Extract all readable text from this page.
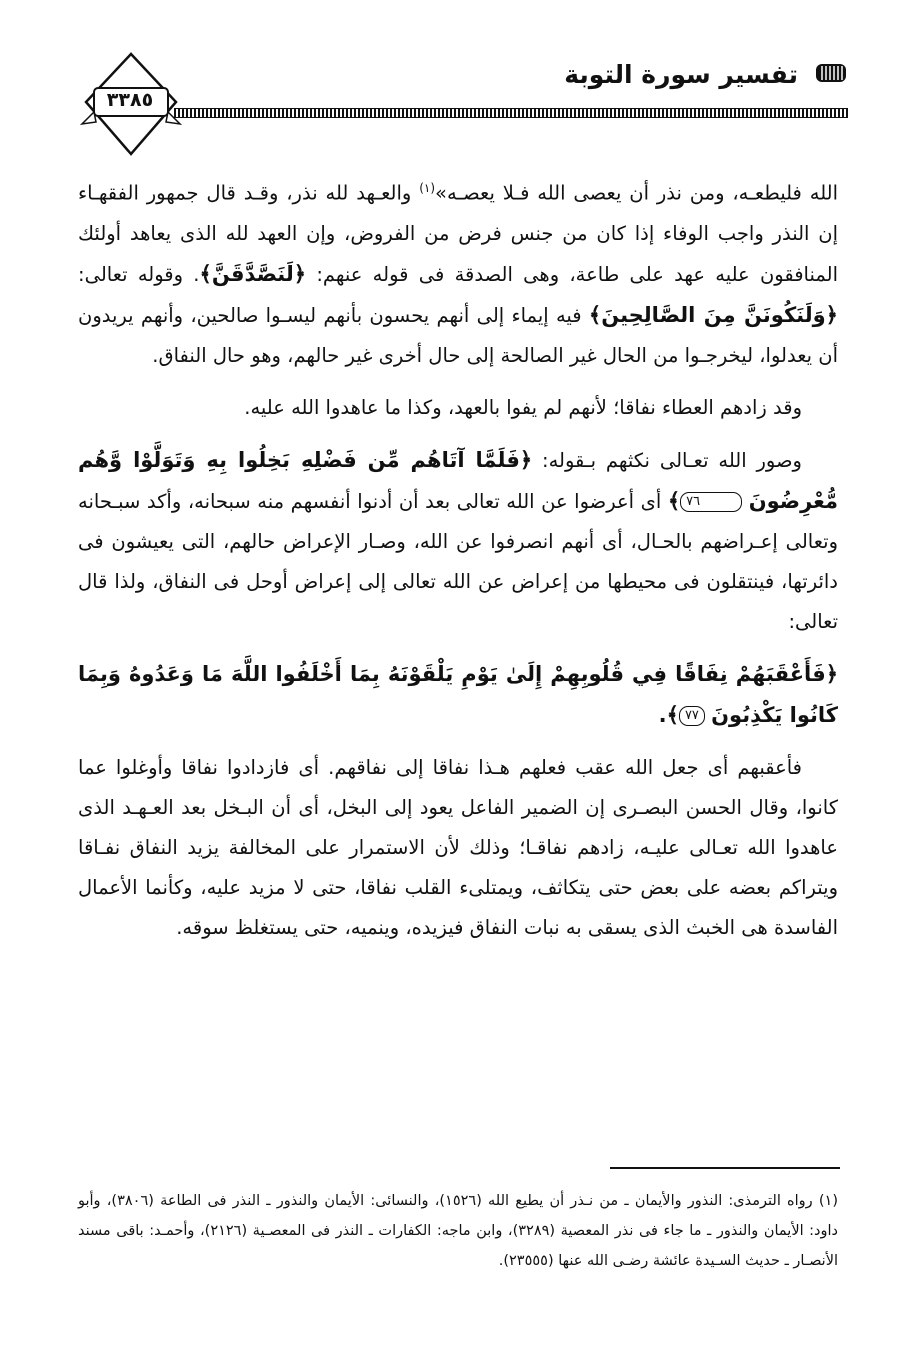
تفسير سورة التوبة
٣٣٨٥

الله فليطعـه، ومن نذر أن يعصى الله فـلا يعصـه»$^{(١)}$ والعـهد لله نذر، وقـد قال جمهور الفقهـاء إن النذر واجب الوفاء إذا كان من جنس فرض من الفروض، وإن العهد لله الذى يعاهد أولئك المنافقون عليه عهد على طاعة، وهى الصدقة فى قوله عنهم: ﴿لَنَصَّدَّقَنَّ﴾. وقوله تعالى: ﴿وَلَنَكُونَنَّ مِنَ الصَّالِحِينَ﴾ فيه إيماء إلى أنهم يحسون بأنهم ليسـوا صالحين، وأنهم يريدون أن يعدلوا، ليخرجـوا من الحال غير الصالحة إلى حال أخرى غير حالهم، وهو حال النفاق.

وقد زادهم العطاء نفاقا؛ لأنهم لم يفوا بالعهد، وكذا ما عاهدوا الله عليه.

وصور الله تعـالى نكثهم بـقوله: ﴿فَلَمَّا آتَاهُم مِّن فَضْلِهِ بَخِلُوا بِهِ وَتَوَلَّوْا وَّهُم مُّعْرِضُونَ ٧٦﴾ أى أعرضوا عن الله تعالى بعد أن أدنوا أنفسهم منه سبحانه، وأكد سبـحانه وتعالى إعـراضهم بالحـال، أى أنهم انصرفوا عن الله، وصـار الإعراض حالهم، التى يعيشون فى دائرتها، فينتقلون فى محيطها من إعراض عن الله تعالى إلى إعراض أوحل فى النفاق، ولذا قال تعالى:

﴿فَأَعْقَبَهُمْ نِفَاقًا فِي قُلُوبِهِمْ إِلَىٰ يَوْمِ يَلْقَوْنَهُ بِمَا أَخْلَفُوا اللَّهَ مَا وَعَدُوهُ وَبِمَا كَانُوا يَكْذِبُونَ ٧٧﴾.

فأعقبهم أى جعل الله عقب فعلهم هـذا نفاقا إلى نفاقهم. أى فازدادوا نفاقا وأوغلوا عما كانوا، وقال الحسن البصـرى إن الضمير الفاعل يعود إلى البخل، أى أن البـخل بعد العـهـد الذى عاهدوا الله تعـالى عليـه، زادهم نفاقـا؛ وذلك لأن الاستمرار على المخالفة يزيد النفاق نفـاقا ويتراكم بعضه على بعض حتى يتكاثف، ويمتلىء القلب نفاقا، حتى لا مزيد عليه، وكأنما الأعمال الفاسدة هى الخبث الذى يسقى به نبات النفاق فيزيده، وينميه، حتى يستغلظ سوقه.

(١) رواه الترمذى: النذور والأيمان ـ من نـذر أن يطيع الله (١٥٢٦)، والنسائى: الأيمان والنذور ـ النذر فى الطاعة (٣٨٠٦)، وأبو داود: الأيمان والنذور ـ ما جاء فى نذر المعصية (٣٢٨٩)، وابن ماجه: الكفارات ـ النذر فى المعصـية (٢١٢٦)، وأحمـد: باقى مسند الأنصـار ـ حديث السـيدة عائشة رضـى الله عنها (٢٣٥٥٥).
